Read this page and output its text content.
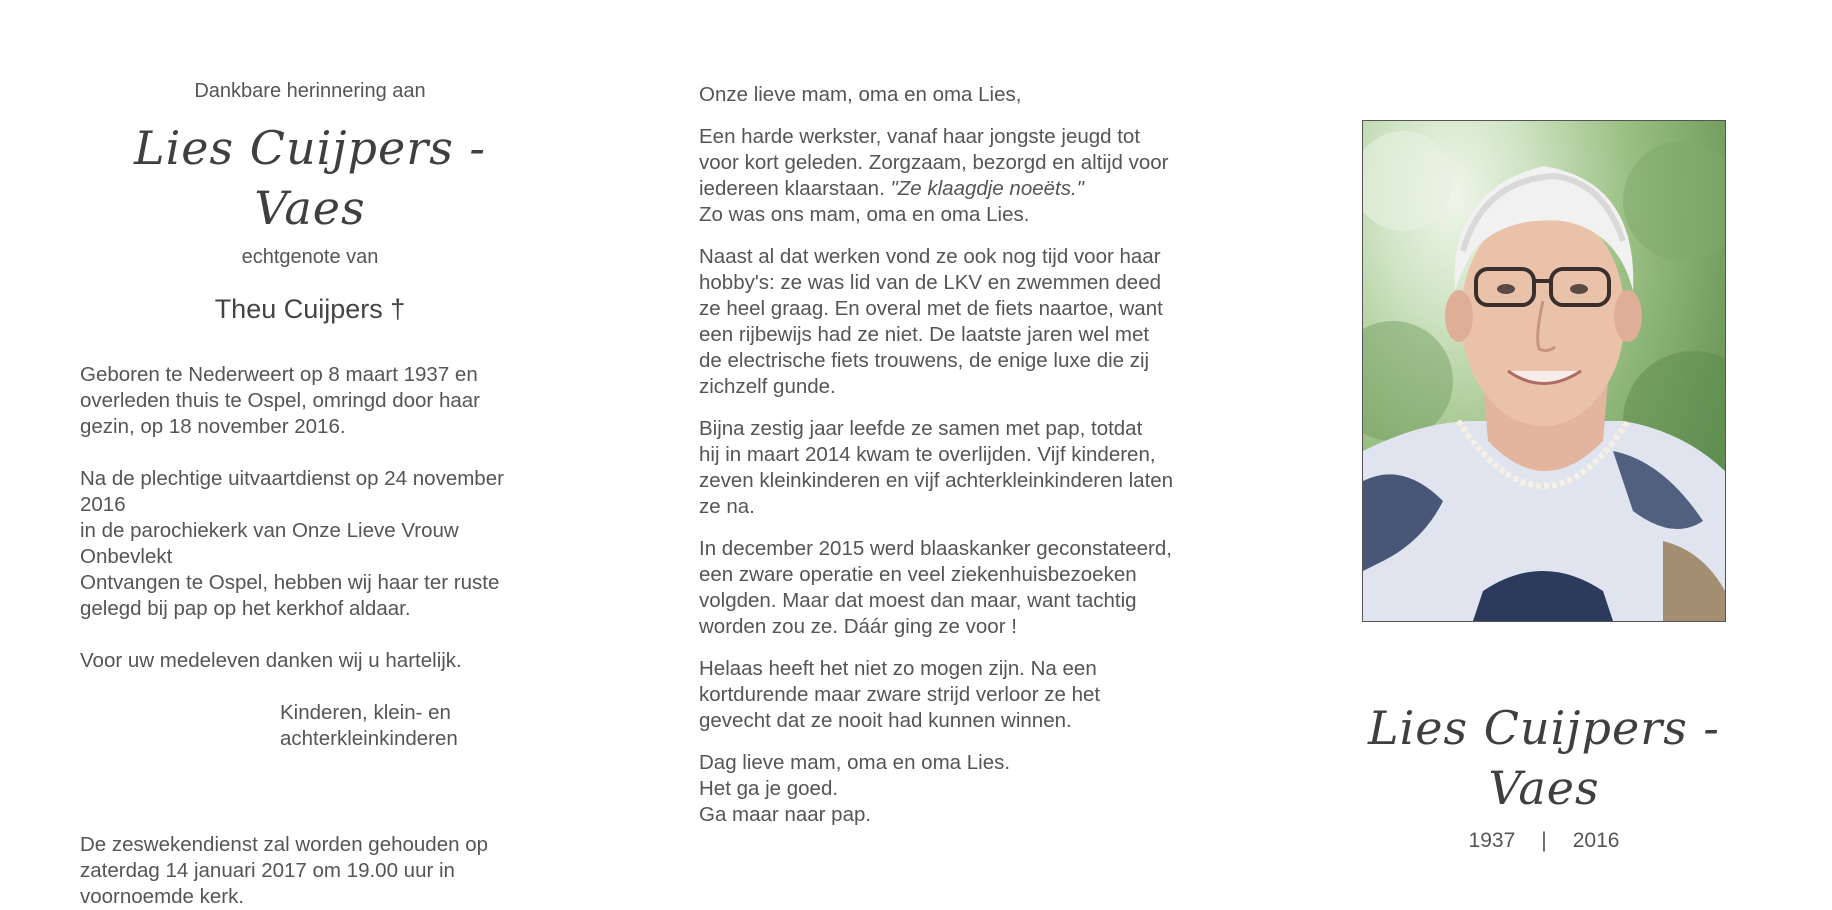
Dankbare herinnering aan

Lies Cuijpers - Vaes

echtgenote van

Theu Cuijpers †

Geboren te Nederweert op 8 maart 1937 en
overleden thuis te Ospel, omringd door haar
gezin, op 18 november 2016.

Na de plechtige uitvaartdienst op 24 november 2016
in de parochiekerk van Onze Lieve Vrouw Onbevlekt
Ontvangen te Ospel, hebben wij haar ter ruste
gelegd bij pap op het kerkhof aldaar.

Voor uw medeleven danken wij u hartelijk.

Kinderen, klein- en
achterkleinkinderen

De zeswekendienst zal worden gehouden op
zaterdag 14 januari 2017 om 19.00 uur in
voornoemde kerk.

Onze lieve mam, oma en oma Lies,

Een harde werkster, vanaf haar jongste jeugd tot
voor kort geleden. Zorgzaam, bezorgd en altijd voor
iedereen klaarstaan. "Ze klaagdje noeëts."
Zo was ons mam, oma en oma Lies.

Naast al dat werken vond ze ook nog tijd voor haar
hobby's: ze was lid van de LKV en zwemmen deed
ze heel graag. En overal met de fiets naartoe, want
een rijbewijs had ze niet. De laatste jaren wel met
de electrische fiets trouwens, de enige luxe die zij
zichzelf gunde.

Bijna zestig jaar leefde ze samen met pap, totdat
hij in maart 2014 kwam te overlijden. Vijf kinderen,
zeven kleinkinderen en vijf achterkleinkinderen laten
ze na.

In december 2015 werd blaaskanker geconstateerd,
een zware operatie en veel ziekenhuisbezoeken
volgden. Maar dat moest dan maar, want tachtig
worden zou ze. Dáár ging ze voor !

Helaas heeft het niet zo mogen zijn. Na een
kortdurende maar zware strijd verloor ze het
gevecht dat ze nooit had kunnen winnen.

Dag lieve mam, oma en oma Lies.
Het ga je goed.
Ga maar naar pap.

Lies Cuijpers - Vaes
1937 | 2016
